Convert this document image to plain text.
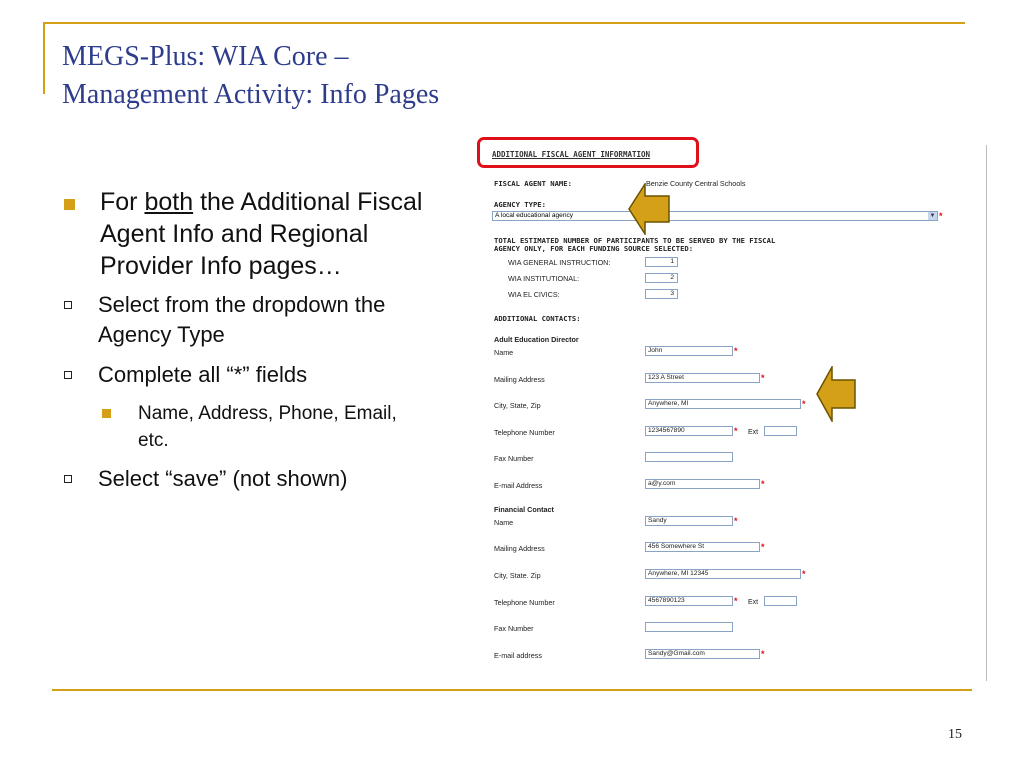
MEGS-Plus: WIA Core –
Management Activity: Info Pages
For both the Additional Fiscal Agent Info and Regional Provider Info pages…
Select from the dropdown the Agency Type
Complete all “*” fields
Name, Address, Phone, Email, etc.
Select “save” (not shown)
ADDITIONAL FISCAL AGENT INFORMATION
FISCAL AGENT NAME:	Benzie County Central Schools
AGENCY TYPE:
A local educational agency	▼ *
TOTAL ESTIMATED NUMBER OF PARTICIPANTS TO BE SERVED BY THE FISCAL
AGENCY ONLY, FOR EACH FUNDING SOURCE SELECTED:
WIA GENERAL INSTRUCTION:	1
WIA INSTITUTIONAL:	2
WIA EL CIVICS:	3
ADDITIONAL CONTACTS:
Adult Education Director
Name	John	*
Mailing Address	123 A Street	*
City, State, Zip	Anywhere, MI	*
Telephone Number	1234567890	* Ext
Fax Number
E-mail Address	a@y.com	*
Financial Contact
Name	Sandy	*
Mailing Address	456 Somewhere St	*
City, State. Zip	Anywhere, MI 12345	*
Telephone Number	4567890123	* Ext
Fax Number
E-mail address	Sandy@Gmail.com	*
15
